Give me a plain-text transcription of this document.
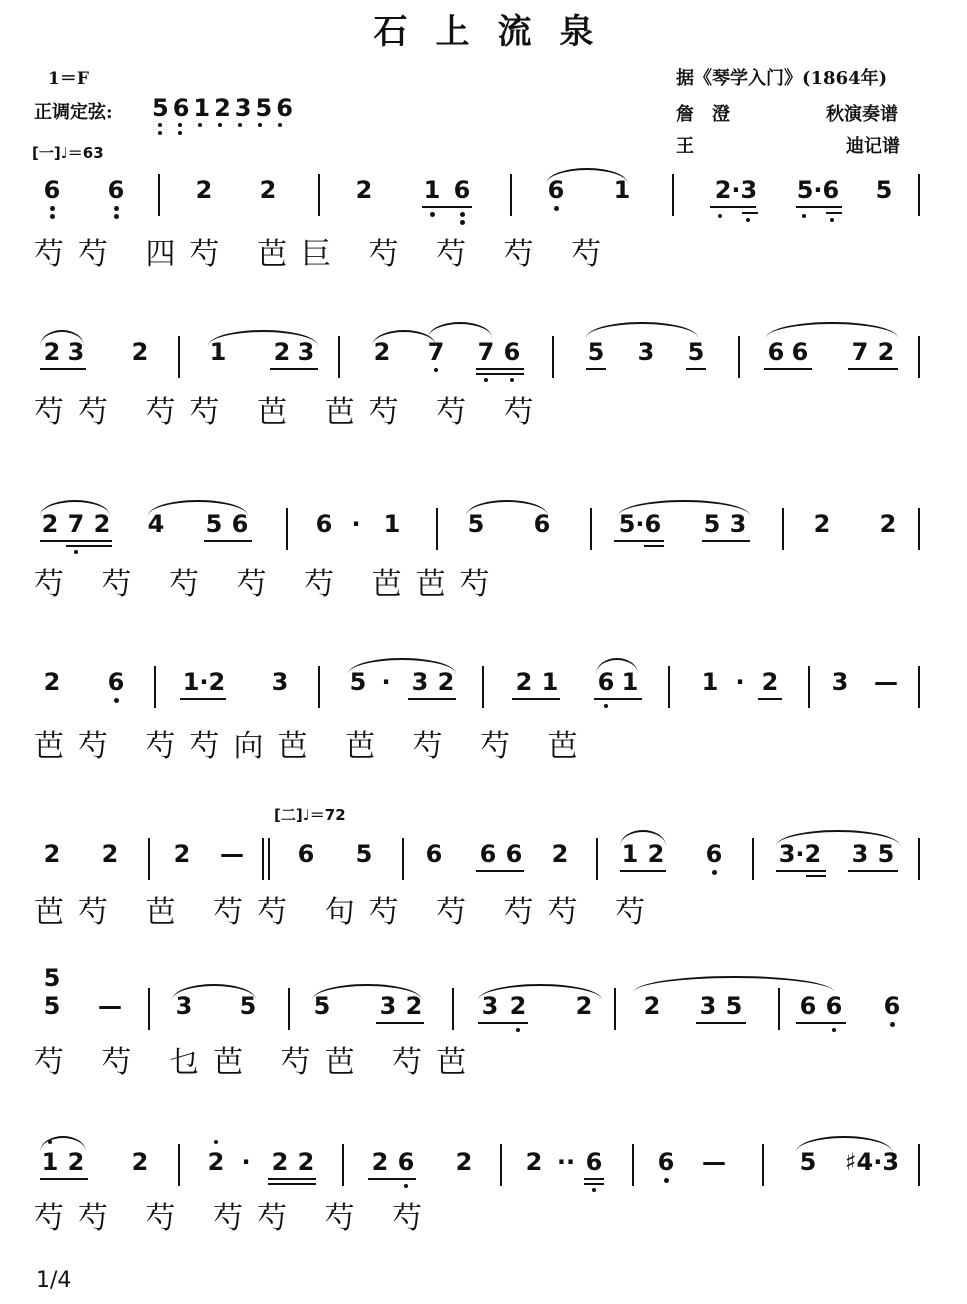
石上流泉
1＝F
正调定弦: 5612356
[一]♩＝63
据《琴学入门》(1864年)
詹　澄	秋演奏谱
王	迪记谱
6	6	2	2	2	1 6	6	1	2·3	5·6	5
芍芍 四芍 芭巨 芍 芍 芍 芍
2 3	2	1	2 3	2	7	7 6	5	3	5	6 6	7 2
芍芍 芍芍 芭 芭芍 芍 芍
2 7 2	4	5 6	6 · 1	5	6	5·6	5 3	2	2
芍 芍 芍 芍 芍 芭芭芍
2	6	1·2	3	5 · 3 2	2 1	6 1	1 · 2	3	—
芭芍 芍芍向芭 芭 芍 芍 芭
[二]♩＝72
2	2	2	—	6	5	6	6 6	2	1 2	6	3·2	3 5
芭芍 芭 芍芍 句芍 芍 芍芍 芍
5
5	—	3	5	5	3 2	3 2	2	2	3 5	6 6	6
芍 芍 乜芭 芍芭 芍芭
1 2	2	2 · 2 2	2 6	2	2 ·· 6	6	—	5	♯4·3
芍芍 芍 芍芍 芍 芍
1/4
